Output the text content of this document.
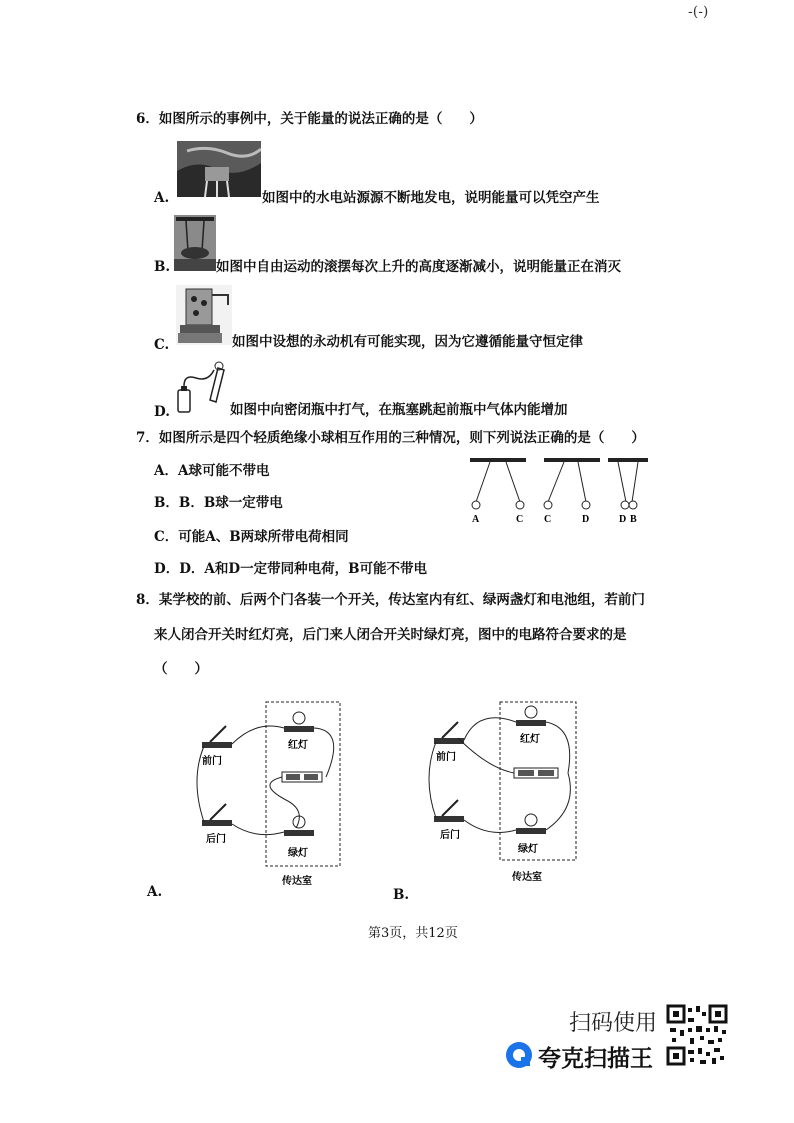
-(-)
6．如图所示的事例中，关于能量的说法正确的是（　　）
A.	如图中的水电站源源不断地发电，说明能量可以凭空产生
B.	如图中自由运动的滚摆每次上升的高度逐渐减小，说明能量正在消灭
C.	如图中设想的永动机有可能实现，因为它遵循能量守恒定律
D.	如图中向密闭瓶中打气，在瓶塞跳起前瓶中气体内能增加
7．如图所示是四个轻质绝缘小球相互作用的三种情况，则下列说法正确的是（　　）
A．A球可能不带电
B．B．B球一定带电
C．可能A、B两球所带电荷相同
D．D．A和D一定带同种电荷，B可能不带电
A	C C	D	D B
8．某学校的前、后两个门各装一个开关，传达室内有红、绿两盏灯和电池组，若前门
来人闭合开关时红灯亮，后门来人闭合开关时绿灯亮，图中的电路符合要求的是
（　　）
前门
后门
红灯
绿灯
传达室
A.
前门
后门
红灯
绿灯
传达室
B.
第3页，共12页
扫码使用
夸克扫描王
